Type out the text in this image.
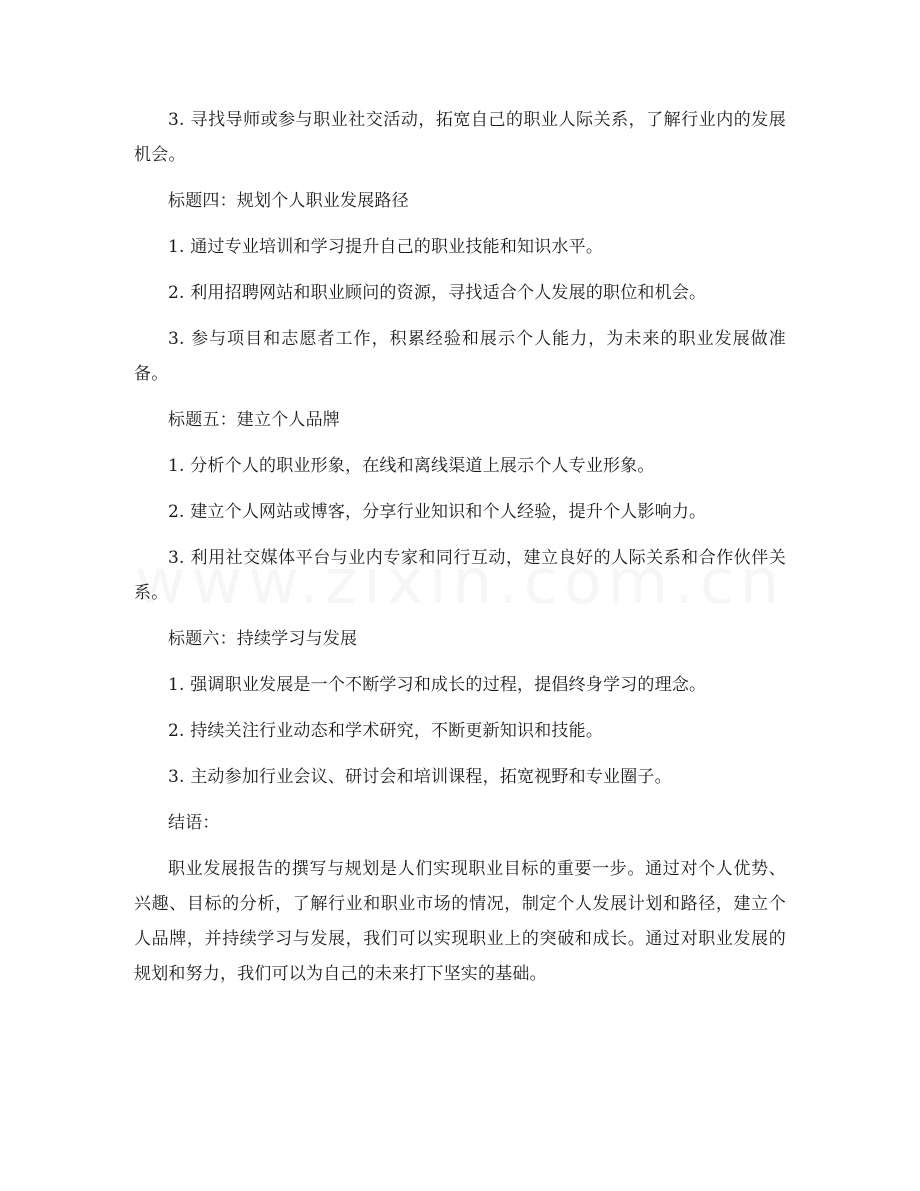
3. 寻找导师或参与职业社交活动，拓宽自己的职业人际关系，了解行业内的发展机会。

标题四：规划个人职业发展路径

1. 通过专业培训和学习提升自己的职业技能和知识水平。

2. 利用招聘网站和职业顾问的资源，寻找适合个人发展的职位和机会。

3. 参与项目和志愿者工作，积累经验和展示个人能力，为未来的职业发展做准备。

标题五：建立个人品牌

1. 分析个人的职业形象，在线和离线渠道上展示个人专业形象。

2. 建立个人网站或博客，分享行业知识和个人经验，提升个人影响力。

3. 利用社交媒体平台与业内专家和同行互动，建立良好的人际关系和合作伙伴关系。

标题六：持续学习与发展

1. 强调职业发展是一个不断学习和成长的过程，提倡终身学习的理念。

2. 持续关注行业动态和学术研究，不断更新知识和技能。

3. 主动参加行业会议、研讨会和培训课程，拓宽视野和专业圈子。

结语：

职业发展报告的撰写与规划是人们实现职业目标的重要一步。通过对个人优势、兴趣、目标的分析，了解行业和职业市场的情况，制定个人发展计划和路径，建立个人品牌，并持续学习与发展，我们可以实现职业上的突破和成长。通过对职业发展的规划和努力，我们可以为自己的未来打下坚实的基础。
